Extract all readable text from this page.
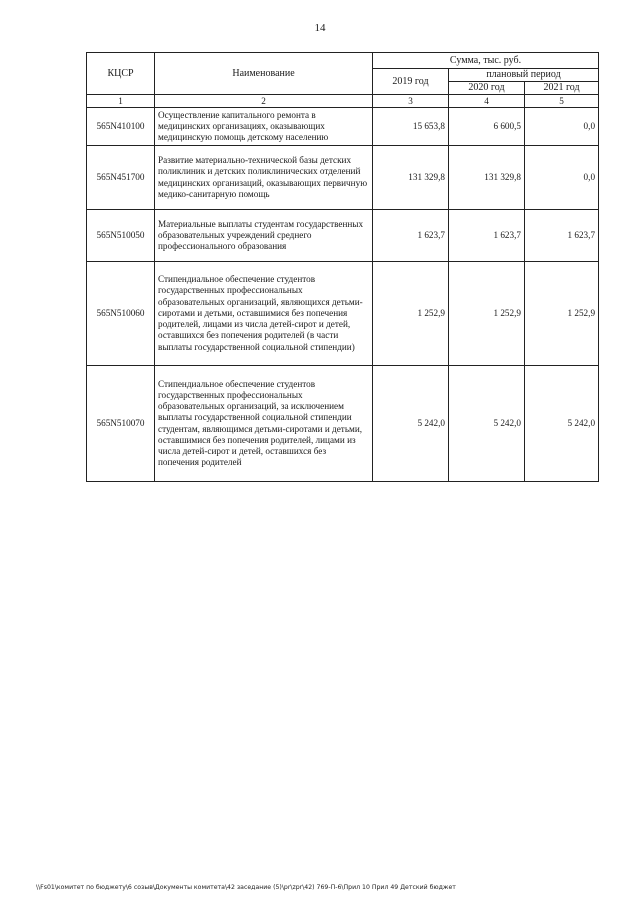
14
КЦСР	Наименование	Сумма, тыс. руб.		
		2019 год	плановый период	
			2020 год	2021 год
1	2	3	4	5
565N410100	Осуществление капитального ремонта в медицинских организациях, оказывающих медицинскую помощь детскому населению	15 653,8	6 600,5	0,0
565N451700	Развитие материально-технической базы детских поликлиник и детских поликлинических отделений медицинских организаций, оказывающих первичную медико-санитарную помощь	131 329,8	131 329,8	0,0
565N510050	Материальные выплаты студентам государственных образовательных учреждений среднего профессионального образования	1 623,7	1 623,7	1 623,7
565N510060	Стипендиальное обеспечение студентов государственных профессиональных образовательных организаций, являющихся детьми-сиротами и детьми, оставшимися без попечения родителей, лицами из числа детей-сирот и детей, оставшихся без попечения родителей (в части выплаты государственной социальной стипендии)	1 252,9	1 252,9	1 252,9
565N510070	Стипендиальное обеспечение студентов государственных профессиональных образовательных организаций, за исключением выплаты государственной социальной стипендии студентам, являющимся детьми-сиротами и детьми, оставшимися без попечения родителей, лицами из числа детей-сирот и детей, оставшихся без попечения родителей	5 242,0	5 242,0	5 242,0
\\Fs01\комитет по бюджету\6 созыв\Документы комитета\42 заседание (5)\pr\zpr\42) 769-П-6\Прил 10 Прил 49 Детский бюджет
